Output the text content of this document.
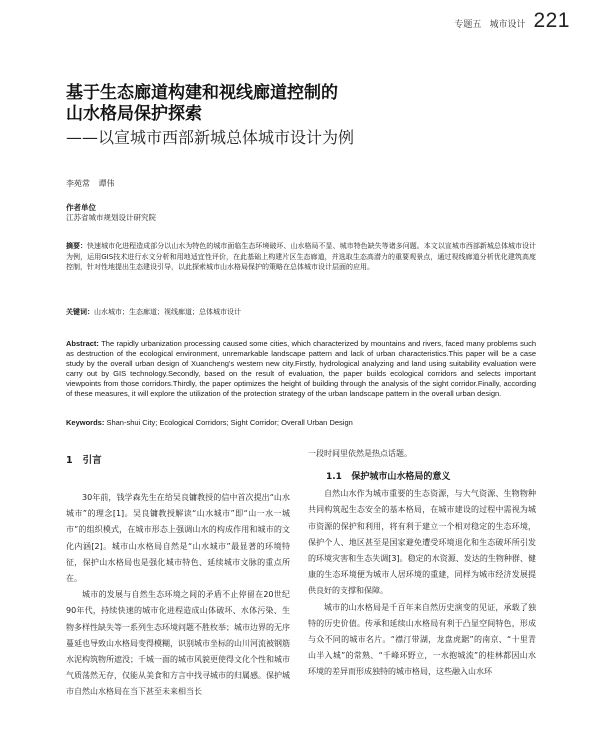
专题五 城市设计 221
基于生态廊道构建和视线廊道控制的
山水格局保护探索
——以宣城市西部新城总体城市设计为例
李苑常 谭伟
作者单位
江苏省城市规划设计研究院
摘要：快速城市化进程造成部分以山水为特色的城市面临生态环境破坏、山水格局不显、城市特色缺失等诸多问题。本文以宣城市西部新城总体城市设计为例，运用GIS技术进行水文分析和用地适宜性评价，在此基础上构建片区生态廊道，并选取生态高潜力的重要观景点，通过视线廊道分析优化建筑高度控制，针对性地提出生态建设引导，以此探索城市山水格局保护的策略在总体城市设计层面的应用。
关键词：山水城市；生态廊道；视线廊道；总体城市设计
Abstract: The rapidly urbanization processing caused some cities, which characterized by mountains and rivers, faced many problems such as destruction of the ecological environment, unremarkable landscape pattern and lack of urban characteristics.This paper will be a case study by the overall urban design of Xuancheng's western new city.Firstly, hydrological analyzing and land using suitability evaluation were carry out by GIS technology.Secondly, based on the result of evaluation, the paper builds ecological corridors and selects important viewpoints from those corridors.Thirdly, the paper optimizes the height of building through the analysis of the sight corridor.Finally, according of these measures, it will explore the utilization of the protection strategy of the urban landscape pattern in the overall urban design.
Keywords: Shan-shui City; Ecological Corridors; Sight Corridor; Overall Urban Design
1 引言

30年前，钱学森先生在给吴良镛教授的信中首次提出“山水城市”的理念[1]。吴良镛教授解读“山水城市”即“山一水一城市”的组织模式，在城市形态上强调山水的构成作用和城市的文化内涵[2]。城市山水格局自然是“山水城市”最显著的环境特征，保护山水格局也是强化城市特色、延续城市文脉的重点所在。

城市的发展与自然生态环境之间的矛盾不止停留在20世纪90年代，持续快速的城市化进程造成山体破坏、水体污染、生物多样性缺失等一系列生态环境问题不胜枚举；城市边界的无序蔓延也导致山水格局变得模糊，识别城市坐标的山川河流被钢筋水泥构筑物所遮没；千城一面的城市风貌更使得文化个性和城市气质荡然无存，仅能从美食和方言中找寻城市的归属感。保护城市自然山水格局在当下甚至未来相当长

一段时间里依然是热点话题。

自然山水作为城市重要的生态资源，与大气资源、生物物种共同构筑起生态安全的基本格局，在城市建设的过程中需视为城市资源的保护和利用，将有利于建立一个相对稳定的生态环境，保护个人、地区甚至是国家避免遭受环境退化和生态破坏所引发的环境灾害和生态失调[3]。稳定的水资源、发达的生物种群、健康的生态环境便为城市人居环境的重建，同样为城市经济发展提供良好的支撑和保障。

城市的山水格局是千百年来自然历史演变的见证，承载了独特的历史价值。传承和延续山水格局有利于凸显空间特色，形成与众不同的城市名片。“襟汀带湖，龙盘虎踞”的南京、“十里青山半入城”的常熟、“千峰环野立，一水抱城流”的桂林都因山水环境的差异而形成独特的城市格局，这些融入山水环

1.1 保护城市山水格局的意义
